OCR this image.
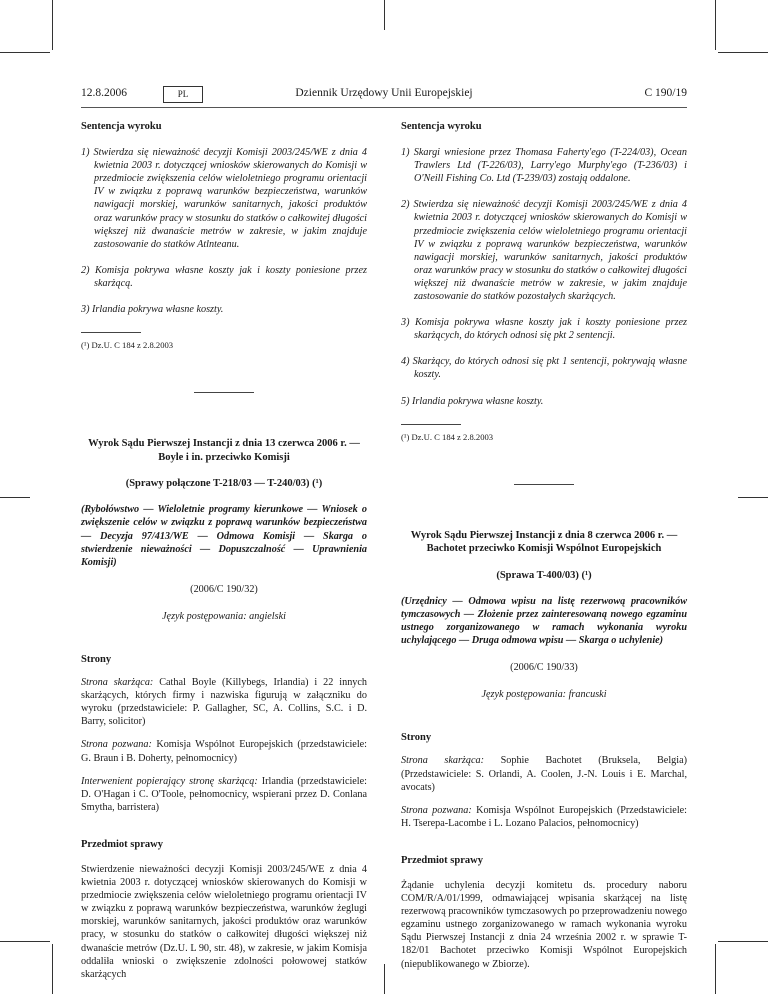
12.8.2006	PL	Dziennik Urzędowy Unii Europejskiej	C 190/19

Sentencja wyroku

1) Stwierdza się nieważność decyzji Komisji 2003/245/WE z dnia 4 kwietnia 2003 r. dotyczącej wniosków skierowanych do Komisji w przedmiocie zwiększenia celów wieloletniego programu orientacji IV w związku z poprawą warunków bezpieczeństwa, warunków nawigacji morskiej, warunków sanitarnych, jakości produktów oraz warunków pracy w stosunku do statków o całkowitej długości większej niż dwanaście metrów w zakresie, w jakim znajduje zastosowanie do statków Atlnteanu.

2) Komisja pokrywa własne koszty jak i koszty poniesione przez skarżącą.

3) Irlandia pokrywa własne koszty.

(¹) Dz.U. C 184 z 2.8.2003

Wyrok Sądu Pierwszej Instancji z dnia 13 czerwca 2006 r. — Boyle i in. przeciwko Komisji

(Sprawy połączone T-218/03 — T-240/03) (¹)

(Rybołówstwo — Wieloletnie programy kierunkowe — Wniosek o zwiększenie celów w związku z poprawą warunków bezpieczeństwa — Decyzja 97/413/WE — Odmowa Komisji — Skarga o stwierdzenie nieważności — Dopuszczalność — Uprawnienia Komisji)

(2006/C 190/32)

Język postępowania: angielski

Strony

Strona skarżąca: Cathal Boyle (Killybegs, Irlandia) i 22 innych skarżących, których firmy i nazwiska figurują w załączniku do wyroku (przedstawiciele: P. Gallagher, SC, A. Collins, S.C. i D. Barry, solicitor)

Strona pozwana: Komisja Wspólnot Europejskich (przedstawiciele: G. Braun i B. Doherty, pełnomocnicy)

Interwenient popierający stronę skarżącą: Irlandia (przedstawiciele: D. O'Hagan i C. O'Toole, pełnomocnicy, wspierani przez D. Conlana Smytha, barristera)

Przedmiot sprawy

Stwierdzenie nieważności decyzji Komisji 2003/245/WE z dnia 4 kwietnia 2003 r. dotyczącej wniosków skierowanych do Komisji w przedmiocie zwiększenia celów wieloletniego programu orientacji IV w związku z poprawą warunków bezpieczeństwa, warunków żeglugi morskiej, warunków sanitarnych, jakości produktów oraz warunków pracy, w stosunku do statków o całkowitej długości większej niż dwanaście metrów (Dz.U. L 90, str. 48), w zakresie, w jakim Komisja oddaliła wnioski o zwiększenie zdolności połowowej statków skarżących

Sentencja wyroku

1) Skargi wniesione przez Thomasa Faherty'ego (T-224/03), Ocean Trawlers Ltd (T-226/03), Larry'ego Murphy'ego (T-236/03) i O'Neill Fishing Co. Ltd (T-239/03) zostają oddalone.

2) Stwierdza się nieważność decyzji Komisji 2003/245/WE z dnia 4 kwietnia 2003 r. dotyczącej wniosków skierowanych do Komisji w przedmiocie zwiększenia celów wieloletniego programu orientacji IV w związku z poprawą warunków bezpieczeństwa, warunków nawigacji morskiej, warunków sanitarnych, jakości produktów oraz warunków pracy w stosunku do statków o całkowitej długości większej niż dwanaście metrów w zakresie, w jakim znajduje zastosowanie do statków pozostałych skarżących.

3) Komisja pokrywa własne koszty jak i koszty poniesione przez skarżących, do których odnosi się pkt 2 sentencji.

4) Skarżący, do których odnosi się pkt 1 sentencji, pokrywają własne koszty.

5) Irlandia pokrywa własne koszty.

(¹) Dz.U. C 184 z 2.8.2003

Wyrok Sądu Pierwszej Instancji z dnia 8 czerwca 2006 r. — Bachotet przeciwko Komisji Wspólnot Europejskich

(Sprawa T-400/03) (¹)

(Urzędnicy — Odmowa wpisu na listę rezerwową pracowników tymczasowych — Złożenie przez zainteresowaną nowego egzaminu ustnego zorganizowanego w ramach wykonania wyroku uchylającego — Druga odmowa wpisu — Skarga o uchylenie)

(2006/C 190/33)

Język postępowania: francuski

Strony

Strona skarżąca: Sophie Bachotet (Bruksela, Belgia) (Przedstawiciele: S. Orlandi, A. Coolen, J.-N. Louis i E. Marchal, avocats)

Strona pozwana: Komisja Wspólnot Europejskich (Przedstawiciele: H. Tserepa-Lacombe i L. Lozano Palacios, pełnomocnicy)

Przedmiot sprawy

Żądanie uchylenia decyzji komitetu ds. procedury naboru COM/R/A/01/1999, odmawiającej wpisania skarżącej na listę rezerwową pracowników tymczasowych po przeprowadzeniu nowego egzaminu ustnego zorganizowanego w ramach wykonania wyroku Sądu Pierwszej Instancji z dnia 24 września 2002 r. w sprawie T-182/01 Bachotet przeciwko Komisji Wspólnot Europejskich (niepublikowanego w Zbiorze).
